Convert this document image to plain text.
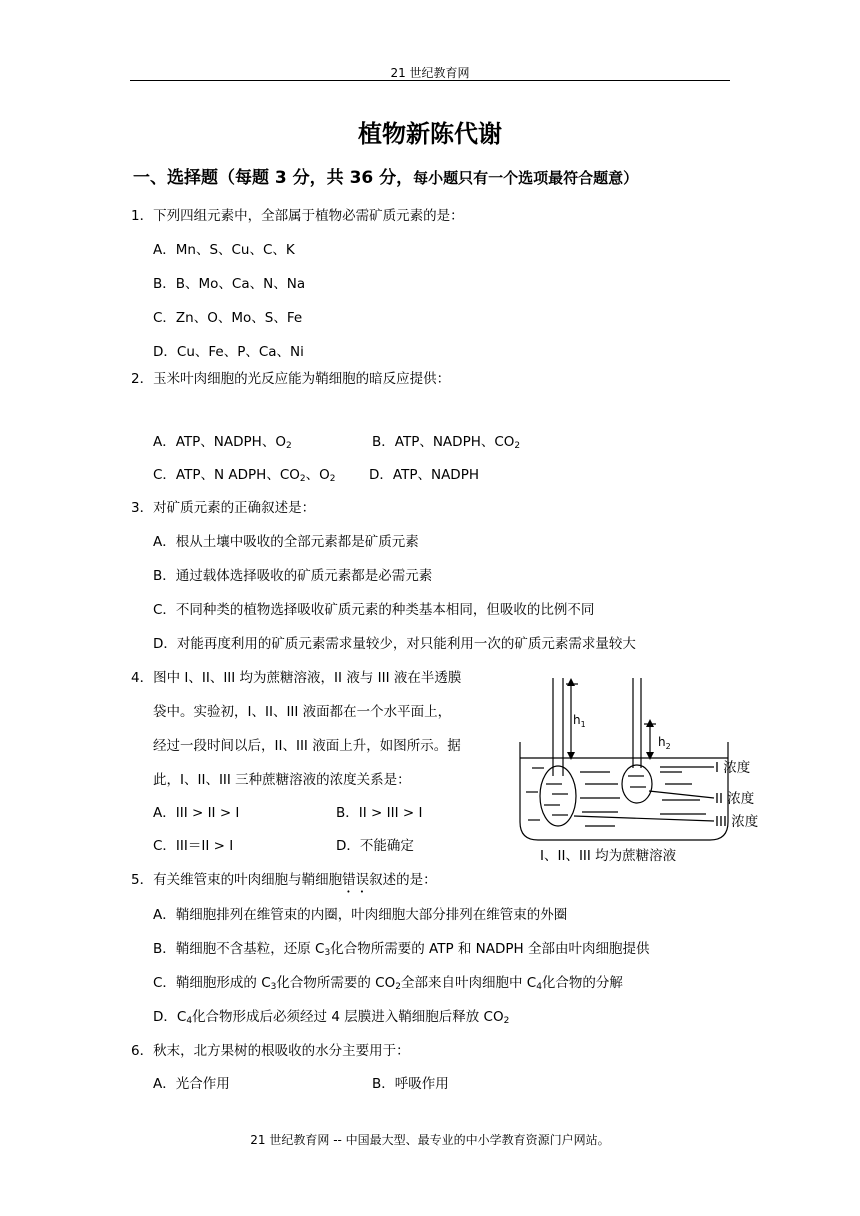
21 世纪教育网
植物新陈代谢
一、选择题（每题 3 分，共 36 分，每小题只有一个选项最符合题意）
1．下列四组元素中，全部属于植物必需矿质元素的是：
A．Mn、S、Cu、C、K
B．B、Mo、Ca、N、Na
C．Zn、O、Mo、S、Fe
D．Cu、Fe、P、Ca、Ni
2．玉米叶肉细胞的光反应能为鞘细胞的暗反应提供：
A．ATP、NADPH、$O_2$	B．ATP、NADPH、$CO_2$
C．ATP、N ADPH、$CO_2$、$O_2$ D．ATP、NADPH
3．对矿质元素的正确叙述是：
A．根从土壤中吸收的全部元素都是矿质元素
B．通过载体选择吸收的矿质元素都是必需元素
C．不同种类的植物选择吸收矿质元素的种类基本相同，但吸收的比例不同
D．对能再度利用的矿质元素需求量较少，对只能利用一次的矿质元素需求量较大
4．图中 I、II、III 均为蔗糖溶液，II 液与 III 液在半透膜
袋中。实验初，I、II、III 液面都在一个水平面上，
经过一段时间以后，II、III 液面上升，如图所示。据
此，I、II、III 三种蔗糖溶液的浓度关系是：
A．III > II > I	B．II > III > I
C．III＝II > I	D．不能确定
$h_1$
$h_2$
I 浓度
II 浓度
III 浓度
I、II、III 均为蔗糖溶液
5．有关维管束的叶肉细胞与鞘细胞错误叙述的是：
A．鞘细胞排列在维管束的内圈，叶肉细胞大部分排列在维管束的外圈
B．鞘细胞不含基粒，还原 $C_3$化合物所需要的 ATP 和 NADPH 全部由叶肉细胞提供
C．鞘细胞形成的 $C_3$化合物所需要的 $CO_2$全部来自叶肉细胞中 $C_4$化合物的分解
D．$C_4$化合物形成后必须经过 4 层膜进入鞘细胞后释放 $CO_2$
6．秋末，北方果树的根吸收的水分主要用于：
A．光合作用	B．呼吸作用
21 世纪教育网 -- 中国最大型、最专业的中小学教育资源门户网站。
